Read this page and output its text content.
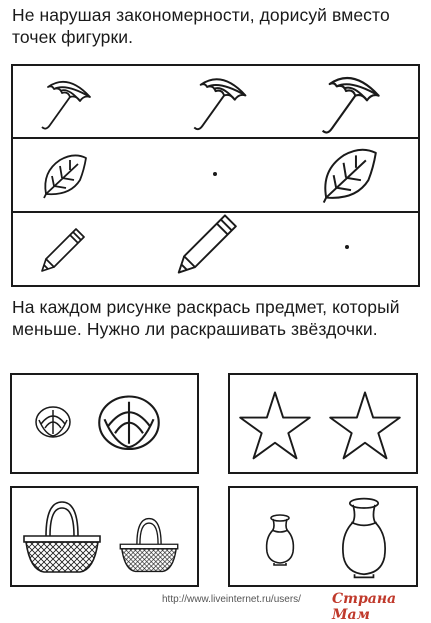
Не нарушая закономерности, дорисуй вместо точек фигурки.
На каждом рисунке раскрась предмет, который меньше. Нужно ли раскрашивать звёздочки.
http://www.liveinternet.ru/users/ Страна Мам
